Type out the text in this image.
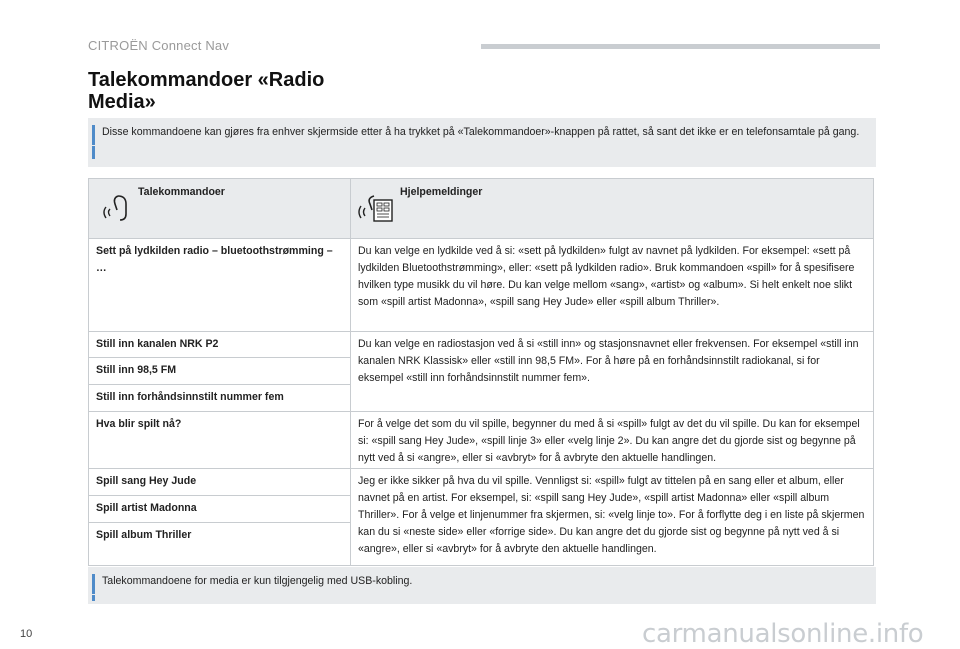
CITROËN Connect Nav
Talekommandoer «Radio
Media»
Disse kommandoene kan gjøres fra enhver skjermside etter å ha trykket på «Talekommandoer»-knappen på rattet, så sant det ikke er en telefonsamtale på gang.
Talekommandoer	Hjelpemeldinger

Sett på lydkilden radio – bluetoothstrømming – …	Du kan velge en lydkilde ved å si: «sett på lydkilden» fulgt av navnet på lydkilden. For eksempel: «sett på lydkilden Bluetoothstrømming», eller: «sett på lydkilden radio». Bruk kommandoen «spill» for å spesifisere hvilken type musikk du vil høre. Du kan velge mellom «sang», «artist» og «album». Si helt enkelt noe slikt som «spill artist Madonna», «spill sang Hey Jude» eller «spill album Thriller».
Still inn kanalen NRK P2	Du kan velge en radiostasjon ved å si «still inn» og stasjonsnavnet eller frekvensen. For eksempel «still inn kanalen NRK Klassisk» eller «still inn 98,5 FM». For å høre på en forhåndsinnstilt radiokanal, si for eksempel «still inn forhåndsinnstilt nummer fem».
Still inn 98,5 FM	
Still inn forhåndsinnstilt nummer fem	
Hva blir spilt nå?	For å velge det som du vil spille, begynner du med å si «spill» fulgt av det du vil spille. Du kan for eksempel si: «spill sang Hey Jude», «spill linje 3» eller «velg linje 2». Du kan angre det du gjorde sist og begynne på nytt ved å si «angre», eller si «avbryt» for å avbryte den aktuelle handlingen.
Spill sang Hey Jude	Jeg er ikke sikker på hva du vil spille. Vennligst si: «spill» fulgt av tittelen på en sang eller et album, eller navnet på en artist. For eksempel, si: «spill sang Hey Jude», «spill artist Madonna» eller «spill album Thriller». For å velge et linjenummer fra skjermen, si: «velg linje to». For å forflytte deg i en liste på skjermen kan du si «neste side» eller «forrige side». Du kan angre det du gjorde sist og begynne på nytt ved å si «angre», eller si «avbryt» for å avbryte den aktuelle handlingen.
Spill artist Madonna	
Spill album Thriller	
Talekommandoene for media er kun tilgjengelig med USB-kobling.
10	carmanualsonline.info
